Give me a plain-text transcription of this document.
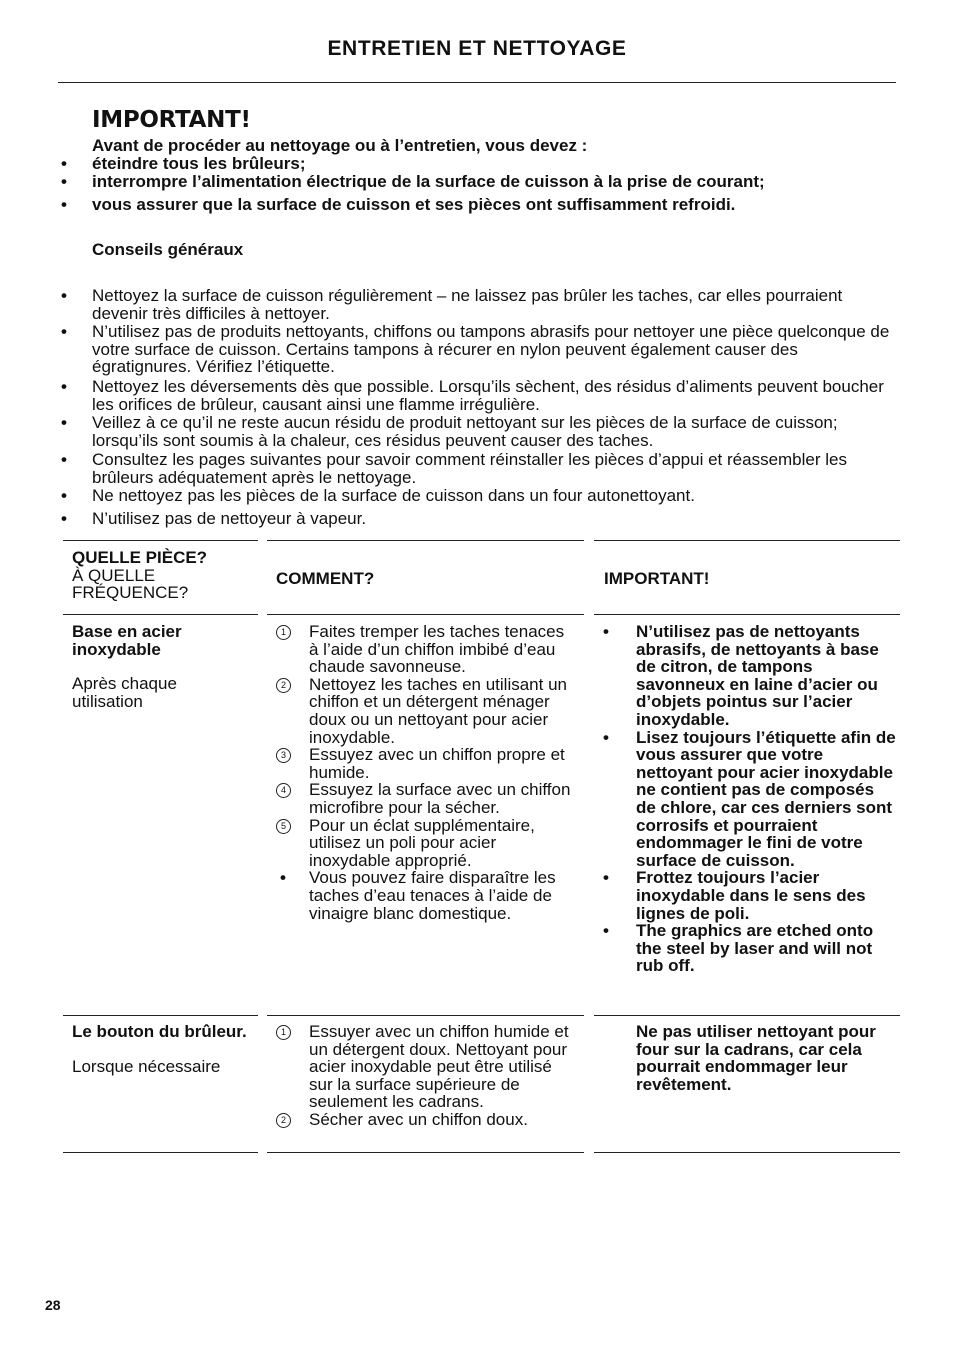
ENTRETIEN ET NETTOYAGE
IMPORTANT!
Avant de procéder au nettoyage ou à l’entretien, vous devez :
• éteindre tous les brûleurs;
• interrompre l’alimentation électrique de la surface de cuisson à la prise de courant;
• vous assurer que la surface de cuisson et ses pièces ont suffisamment refroidi.
Conseils généraux
• Nettoyez la surface de cuisson régulièrement – ne laissez pas brûler les taches, car elles pourraient devenir très difficiles à nettoyer.
• N’utilisez pas de produits nettoyants, chiffons ou tampons abrasifs pour nettoyer une pièce quelconque de votre surface de cuisson. Certains tampons à récurer en nylon peuvent également causer des égratignures. Vérifiez l’étiquette.
• Nettoyez les déversements dès que possible. Lorsqu’ils sèchent, des résidus d’aliments peuvent boucher les orifices de brûleur, causant ainsi une flamme irrégulière.
• Veillez à ce qu’il ne reste aucun résidu de produit nettoyant sur les pièces de la surface de cuisson; lorsqu’ils sont soumis à la chaleur, ces résidus peuvent causer des taches.
• Consultez les pages suivantes pour savoir comment réinstaller les pièces d’appui et réassembler les brûleurs adéquatement après le nettoyage.
• Ne nettoyez pas les pièces de la surface de cuisson dans un four autonettoyant.
• N’utilisez pas de nettoyeur à vapeur.
QUELLE PIÈCE?
À QUELLE FRÉQUENCE?
COMMENT?	IMPORTANT!
Base en acier inoxydable
Après chaque utilisation
1 Faites tremper les taches tenaces à l’aide d’un chiffon imbibé d’eau chaude savonneuse.
2 Nettoyez les taches en utilisant un chiffon et un détergent ménager doux ou un nettoyant pour acier inoxydable.
3 Essuyez avec un chiffon propre et humide.
4 Essuyez la surface avec un chiffon microfibre pour la sécher.
5 Pour un éclat supplémentaire, utilisez un poli pour acier inoxydable approprié.
• Vous pouvez faire disparaître les taches d’eau tenaces à l’aide de vinaigre blanc domestique.
• N’utilisez pas de nettoyants abrasifs, de nettoyants à base de citron, de tampons savonneux en laine d’acier ou d’objets pointus sur l’acier inoxydable.
• Lisez toujours l’étiquette afin de vous assurer que votre nettoyant pour acier inoxydable ne contient pas de composés de chlore, car ces derniers sont corrosifs et pourraient endommager le fini de votre surface de cuisson.
• Frottez toujours l’acier inoxydable dans le sens des lignes de poli.
• The graphics are etched onto the steel by laser and will not rub off.
Le bouton du brûleur.
Lorsque nécessaire
1 Essuyer avec un chiffon humide et un détergent doux. Nettoyant pour acier inoxydable peut être utilisé sur la surface supérieure de seulement les cadrans.
2 Sécher avec un chiffon doux.
Ne pas utiliser nettoyant pour four sur la cadrans, car cela pourrait endommager leur revêtement.
28
